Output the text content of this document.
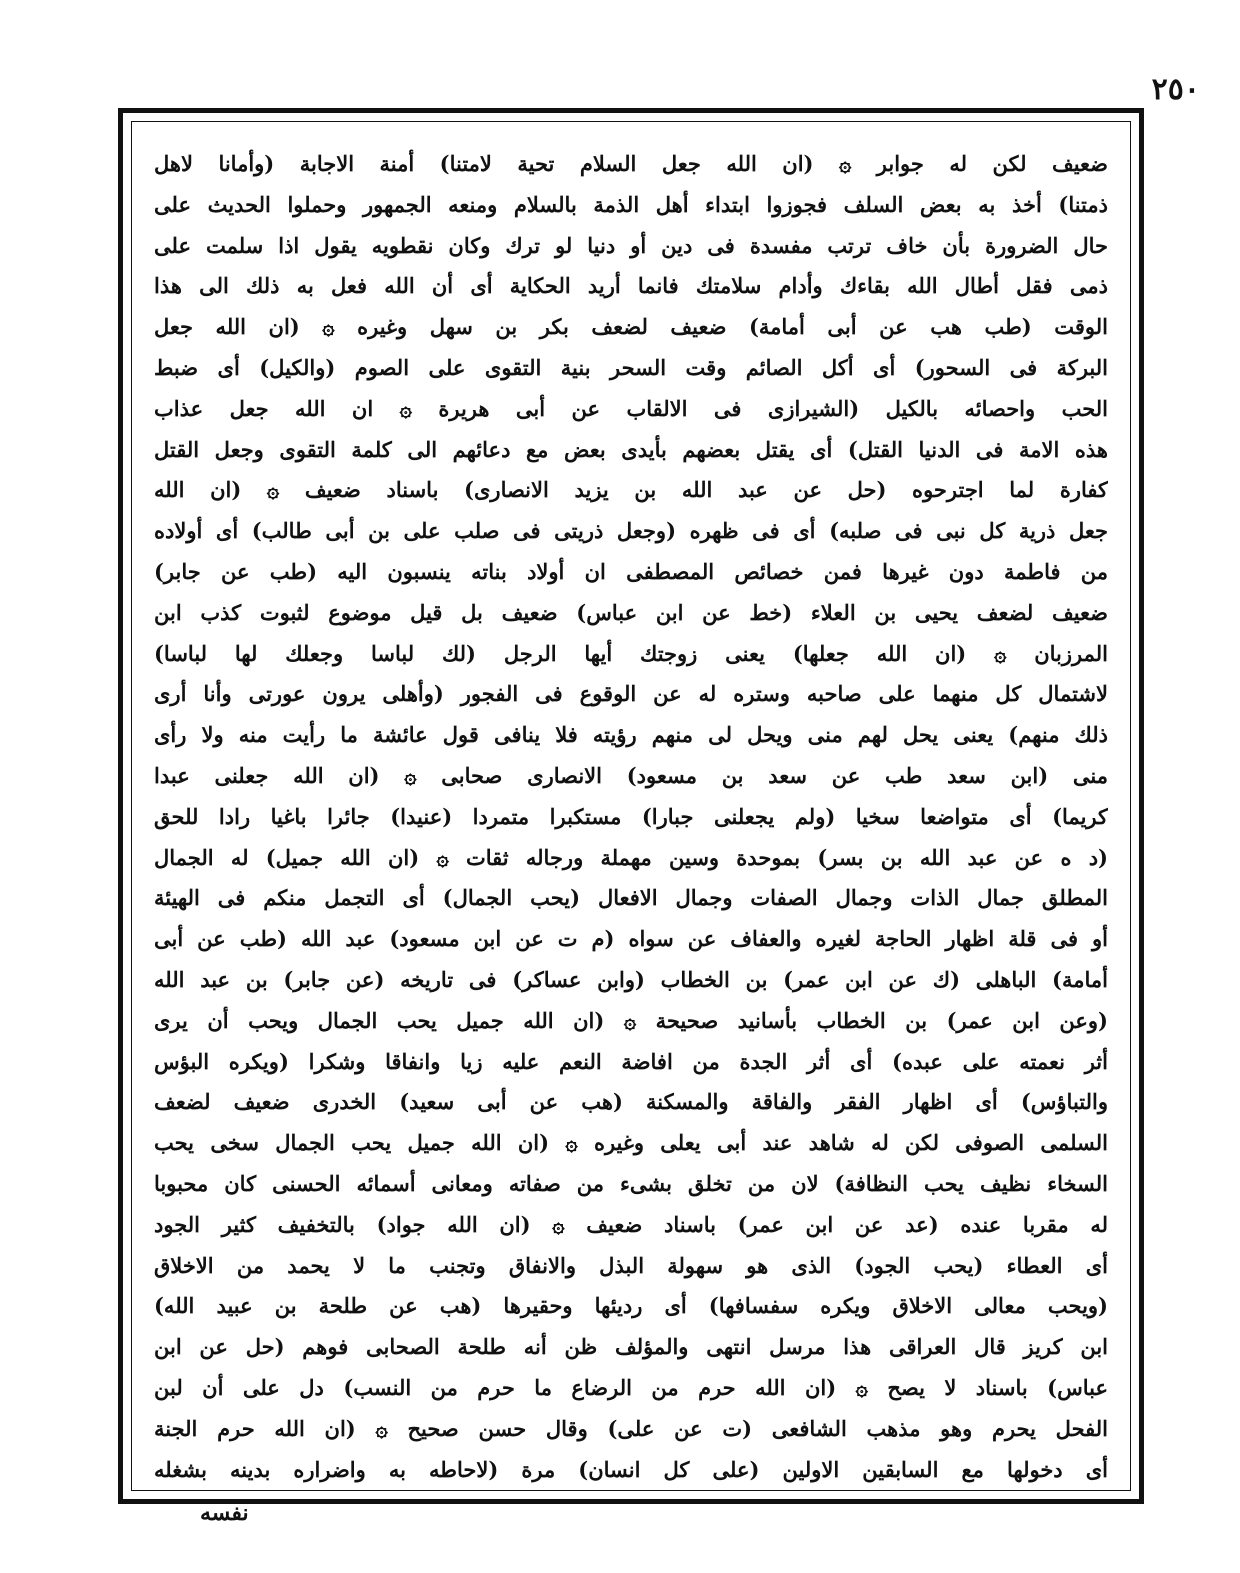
٢٥٠
ضعيف لكن له جوابر ۞ (ان الله جعل السلام تحية لامتنا) أمنة الاجابة (وأمانا لاهل
ذمتنا) أخذ به بعض السلف فجوزوا ابتداء أهل الذمة بالسلام ومنعه الجمهور وحملوا الحديث على
حال الضرورة بأن خاف ترتب مفسدة فى دين أو دنيا لو ترك وكان نقطويه يقول اذا سلمت على
ذمى فقل أطال الله بقاءك وأدام سلامتك فانما أريد الحكاية أى أن الله فعل به ذلك الى هذا
الوقت (طب هب عن أبى أمامة) ضعيف لضعف بكر بن سهل وغيره ۞ (ان الله جعل
البركة فى السحور) أى أكل الصائم وقت السحر بنية التقوى على الصوم (والكيل) أى ضبط
الحب واحصائه بالكيل (الشيرازى فى الالقاب عن أبى هريرة ۞ ان الله جعل عذاب
هذه الامة فى الدنيا القتل) أى يقتل بعضهم بأيدى بعض مع دعائهم الى كلمة التقوى وجعل القتل
كفارة لما اجترحوه (حل عن عبد الله بن يزيد الانصارى) باسناد ضعيف ۞ (ان الله
جعل ذرية كل نبى فى صلبه) أى فى ظهره (وجعل ذريتى فى صلب على بن أبى طالب) أى أولاده
من فاطمة دون غيرها فمن خصائص المصطفى ان أولاد بناته ينسبون اليه (طب عن جابر)
ضعيف لضعف يحيى بن العلاء (خط عن ابن عباس) ضعيف بل قيل موضوع لثبوت كذب ابن
المرزبان ۞ (ان الله جعلها) يعنى زوجتك أيها الرجل (لك لباسا وجعلك لها لباسا)
لاشتمال كل منهما على صاحبه وستره له عن الوقوع فى الفجور (وأهلى يرون عورتى وأنا أرى
ذلك منهم) يعنى يحل لهم منى ويحل لى منهم رؤيته فلا ينافى قول عائشة ما رأيت منه ولا رأى
منى (ابن سعد طب عن سعد بن مسعود) الانصارى صحابى ۞ (ان الله جعلنى عبدا
كريما) أى متواضعا سخيا (ولم يجعلنى جبارا) مستكبرا متمردا (عنيدا) جائرا باغيا رادا للحق
(د ه عن عبد الله بن بسر) بموحدة وسين مهملة ورجاله ثقات ۞ (ان الله جميل) له الجمال
المطلق جمال الذات وجمال الصفات وجمال الافعال (يحب الجمال) أى التجمل منكم فى الهيئة
أو فى قلة اظهار الحاجة لغيره والعفاف عن سواه (م ت عن ابن مسعود) عبد الله (طب عن أبى
أمامة) الباهلى (ك عن ابن عمر) بن الخطاب (وابن عساكر) فى تاريخه (عن جابر) بن عبد الله
(وعن ابن عمر) بن الخطاب بأسانيد صحيحة ۞ (ان الله جميل يحب الجمال ويحب أن يرى
أثر نعمته على عبده) أى أثر الجدة من افاضة النعم عليه زيا وانفاقا وشكرا (ويكره البؤس
والتباؤس) أى اظهار الفقر والفاقة والمسكنة (هب عن أبى سعيد) الخدرى ضعيف لضعف
السلمى الصوفى لكن له شاهد عند أبى يعلى وغيره ۞ (ان الله جميل يحب الجمال سخى يحب
السخاء نظيف يحب النظافة) لان من تخلق بشىء من صفاته ومعانى أسمائه الحسنى كان محبوبا
له مقربا عنده (عد عن ابن عمر) باسناد ضعيف ۞ (ان الله جواد) بالتخفيف كثير الجود
أى العطاء (يحب الجود) الذى هو سهولة البذل والانفاق وتجنب ما لا يحمد من الاخلاق
(ويحب معالى الاخلاق ويكره سفسافها) أى رديئها وحقيرها (هب عن طلحة بن عبيد الله)
ابن كريز قال العراقى هذا مرسل انتهى والمؤلف ظن أنه طلحة الصحابى فوهم (حل عن ابن
عباس) باسناد لا يصح ۞ (ان الله حرم من الرضاع ما حرم من النسب) دل على أن لبن
الفحل يحرم وهو مذهب الشافعى (ت عن على) وقال حسن صحيح ۞ (ان الله حرم الجنة
أى دخولها مع السابقين الاولين (على كل انسان) مرة (لاحاطه به واضراره بدينه بشغله
نفسه
